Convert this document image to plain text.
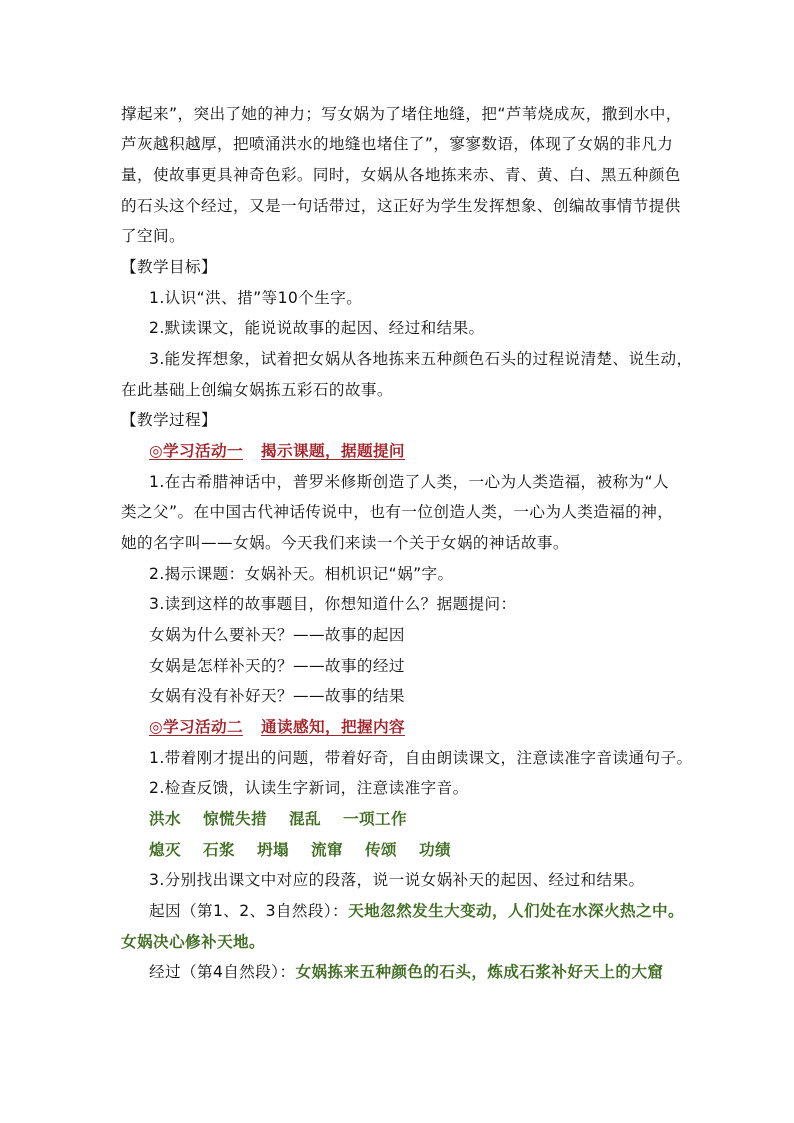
撑起来”，突出了她的神力；写女娲为了堵住地缝，把“芦苇烧成灰，撒到水中，
芦灰越积越厚，把喷涌洪水的地缝也堵住了”，寥寥数语，体现了女娲的非凡力
量，使故事更具神奇色彩。同时，女娲从各地拣来赤、青、黄、白、黑五种颜色
的石头这个经过，又是一句话带过，这正好为学生发挥想象、创编故事情节提供
了空间。
【教学目标】
1.认识“洪、措”等10个生字。
2.默读课文，能说说故事的起因、经过和结果。
3.能发挥想象，试着把女娲从各地拣来五种颜色石头的过程说清楚、说生动，
在此基础上创编女娲拣五彩石的故事。
【教学过程】
◎学习活动一 揭示课题，据题提问
1.在古希腊神话中，普罗米修斯创造了人类，一心为人类造福，被称为“人
类之父”。在中国古代神话传说中，也有一位创造人类，一心为人类造福的神，
她的名字叫——女娲。今天我们来读一个关于女娲的神话故事。
2.揭示课题：女娲补天。相机识记“娲”字。
3.读到这样的故事题目，你想知道什么？据题提问：
女娲为什么要补天？——故事的起因
女娲是怎样补天的？——故事的经过
女娲有没有补好天？——故事的结果
◎学习活动二 通读感知，把握内容
1.带着刚才提出的问题，带着好奇，自由朗读课文，注意读准字音读通句子。
2.检查反馈，认读生字新词，注意读准字音。
洪水 惊慌失措 混乱 一项工作
熄灭 石浆 坍塌 流窜 传颂 功绩
3.分别找出课文中对应的段落，说一说女娲补天的起因、经过和结果。
起因（第1、2、3自然段）：天地忽然发生大变动，人们处在水深火热之中。
女娲决心修补天地。
经过（第4自然段）：女娲拣来五种颜色的石头，炼成石浆补好天上的大窟
